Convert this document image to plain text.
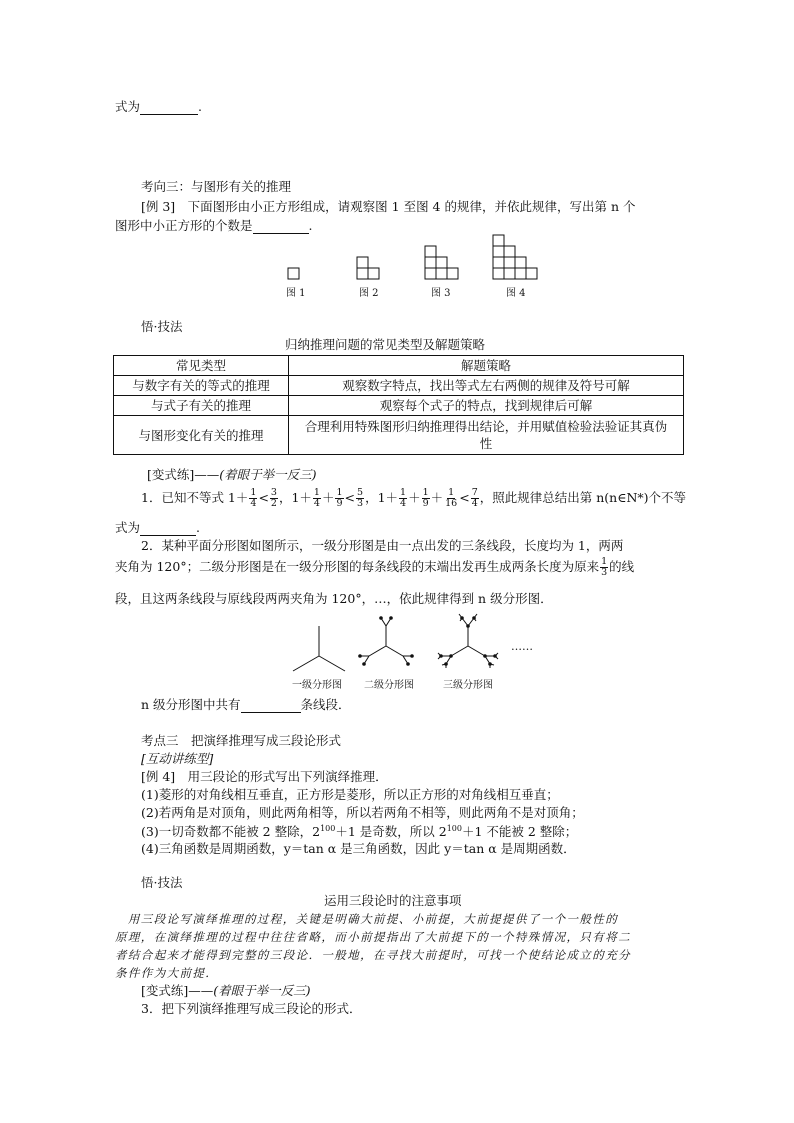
式为	.
考向三：与图形有关的推理
[例 3]　下面图形由小正方形组成，请观察图 1 至图 4 的规律，并依此规律，写出第 n 个
图形中小正方形的个数是	.
图 1	图 2	图 3	图 4
悟·技法
归纳推理问题的常见类型及解题策略
常见类型	解题策略
与数字有关的等式的推理	观察数字特点，找出等式左右两侧的规律及符号可解
与式子有关的推理	观察每个式子的特点，找到规律后可解
与图形变化有关的推理	合理利用特殊图形归纳推理得出结论，并用赋值检验法验证其真伪性
[变式练]——(着眼于举一反三)
1．已知不等式 $1+ \frac{1}{4} < \frac{3}{2}$ ，$1+ \frac{1}{4} + \frac{1}{9} < \frac{5}{3}$ ，$1+ \frac{1}{4} + \frac{1}{9} + \frac{1}{16} < \frac{7}{4}$ ，照此规律总结出第 n(n∈N*)个不等
式为	.
2．某种平面分形图如图所示，一级分形图是由一点出发的三条线段，长度均为 1，两两
夹角为 120°；二级分形图是在一级分形图的每条线段的末端出发再生成两条长度为原来 $\frac{1}{3}$ 的线
段，且这两条线段与原线段两两夹角为 120°，…，依此规律得到 n 级分形图．
……
一级分形图 二级分形图	三级分形图
n 级分形图中共有	条线段．
考点三　把演绎推理写成三段论形式
[互动讲练型]
[例 4]　用三段论的形式写出下列演绎推理．
(1)菱形的对角线相互垂直，正方形是菱形，所以正方形的对角线相互垂直；
(2)若两角是对顶角，则此两角相等，所以若两角不相等，则此两角不是对顶角；
(3)一切奇数都不能被 2 整除，$2^{100}+1$ 是奇数，所以 $2^{100}+1$ 不能被 2 整除；
(4)三角函数是周期函数，y＝tan α 是三角函数，因此 y＝tan α 是周期函数．
悟·技法
运用三段论时的注意事项
　用三段论写演绎推理的过程，关键是明确大前提、小前提，大前提提供了一个一般性的
原理，在演绎推理的过程中往往省略，而小前提指出了大前提下的一个特殊情况，只有将二
者结合起来才能得到完整的三段论．一般地，在寻找大前提时，可找一个使结论成立的充分
条件作为大前提．
[变式练]——(着眼于举一反三)
3．把下列演绎推理写成三段论的形式．
